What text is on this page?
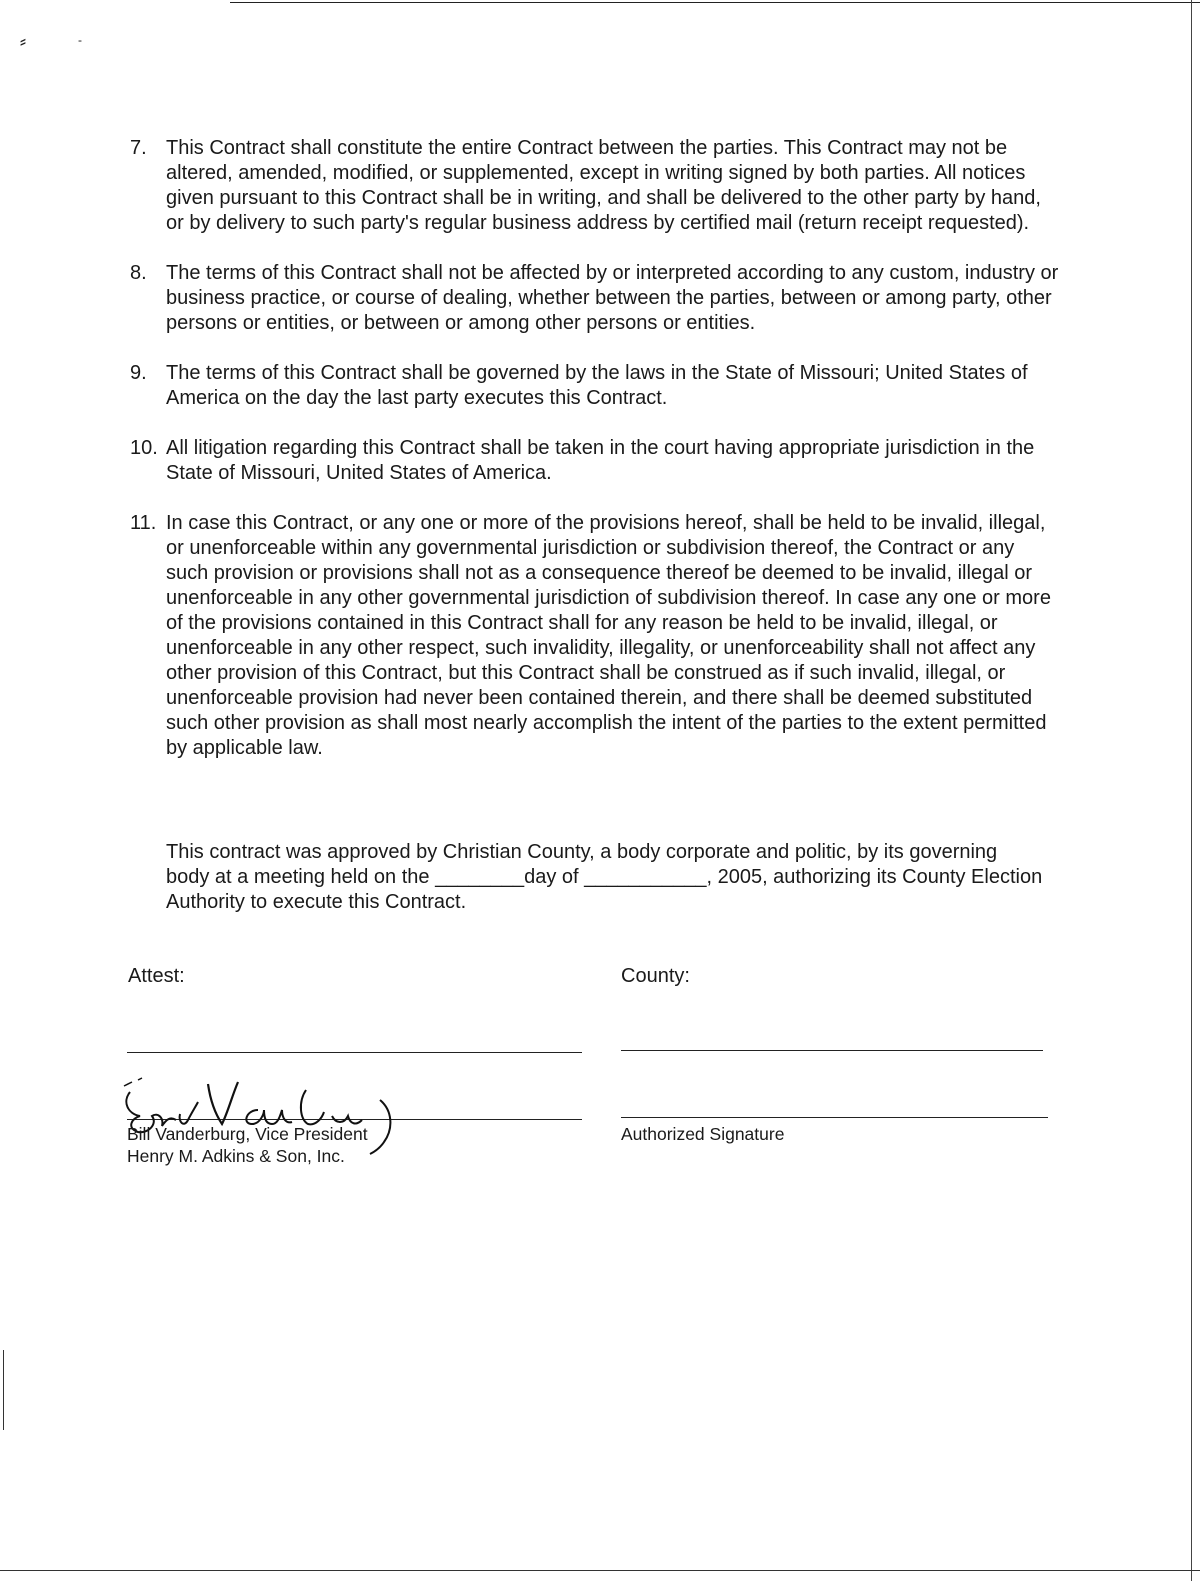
⸗	-
7. This Contract shall constitute the entire Contract between the parties. This Contract may not be altered, amended, modified, or supplemented, except in writing signed by both parties. All notices given pursuant to this Contract shall be in writing, and shall be delivered to the other party by hand, or by delivery to such party's regular business address by certified mail (return receipt requested).
8. The terms of this Contract shall not be affected by or interpreted according to any custom, industry or business practice, or course of dealing, whether between the parties, between or among party, other persons or entities, or between or among other persons or entities.
9. The terms of this Contract shall be governed by the laws in the State of Missouri; United States of America on the day the last party executes this Contract.
10. All litigation regarding this Contract shall be taken in the court having appropriate jurisdiction in the State of Missouri, United States of America.
11. In case this Contract, or any one or more of the provisions hereof, shall be held to be invalid, illegal, or unenforceable within any governmental jurisdiction or subdivision thereof, the Contract or any such provision or provisions shall not as a consequence thereof be deemed to be invalid, illegal or unenforceable in any other governmental jurisdiction of subdivision thereof. In case any one or more of the provisions contained in this Contract shall for any reason be held to be invalid, illegal, or unenforceable in any other respect, such invalidity, illegality, or unenforceability shall not affect any other provision of this Contract, but this Contract shall be construed as if such invalid, illegal, or unenforceable provision had never been contained therein, and there shall be deemed substituted such other provision as shall most nearly accomplish the intent of the parties to the extent permitted by applicable law.
This contract was approved by Christian County, a body corporate and politic, by its governing body at a meeting held on the ________day of ___________, 2005, authorizing its County Election Authority to execute this Contract.
Attest:	County:
Bill Vanderburg, Vice President
Henry M. Adkins & Son, Inc.
Authorized Signature
